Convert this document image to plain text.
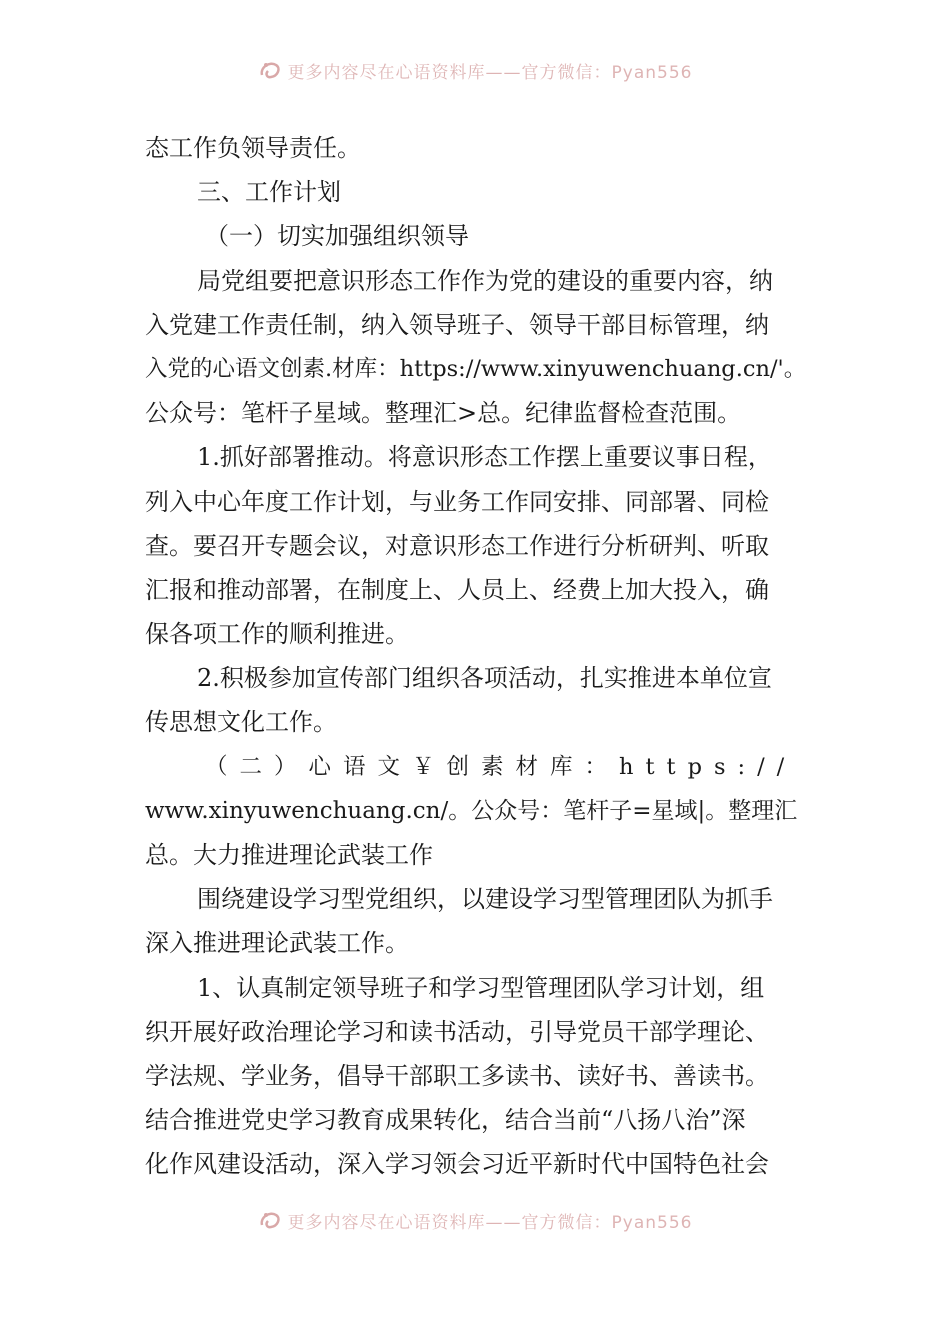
更多内容尽在心语资料库——官方微信：Pyan556
态工作负领导责任。
三、工作计划
（一）切实加强组织领导
局党组要把意识形态工作作为党的建设的重要内容，纳
入党建工作责任制，纳入领导班子、领导干部目标管理，纳
入党的心语文创素.材库：https://www.xinyuwenchuang.cn/'。
公众号：笔杆子星域。整理汇>总。纪律监督检查范围。
1.抓好部署推动。将意识形态工作摆上重要议事日程，
列入中心年度工作计划，与业务工作同安排、同部署、同检
查。要召开专题会议，对意识形态工作进行分析研判、听取
汇报和推动部署，在制度上、人员上、经费上加大投入，确
保各项工作的顺利推进。
2.积极参加宣传部门组织各项活动，扎实推进本单位宣
传思想文化工作。
（二）心语文￥创素材库：https://
www.xinyuwenchuang.cn/。公众号：笔杆子=星域|。整理汇
总。大力推进理论武装工作
围绕建设学习型党组织，以建设学习型管理团队为抓手
深入推进理论武装工作。
1、认真制定领导班子和学习型管理团队学习计划，组
织开展好政治理论学习和读书活动，引导党员干部学理论、
学法规、学业务，倡导干部职工多读书、读好书、善读书。
结合推进党史学习教育成果转化，结合当前“八扬八治”深
化作风建设活动，深入学习领会习近平新时代中国特色社会
更多内容尽在心语资料库——官方微信：Pyan556
